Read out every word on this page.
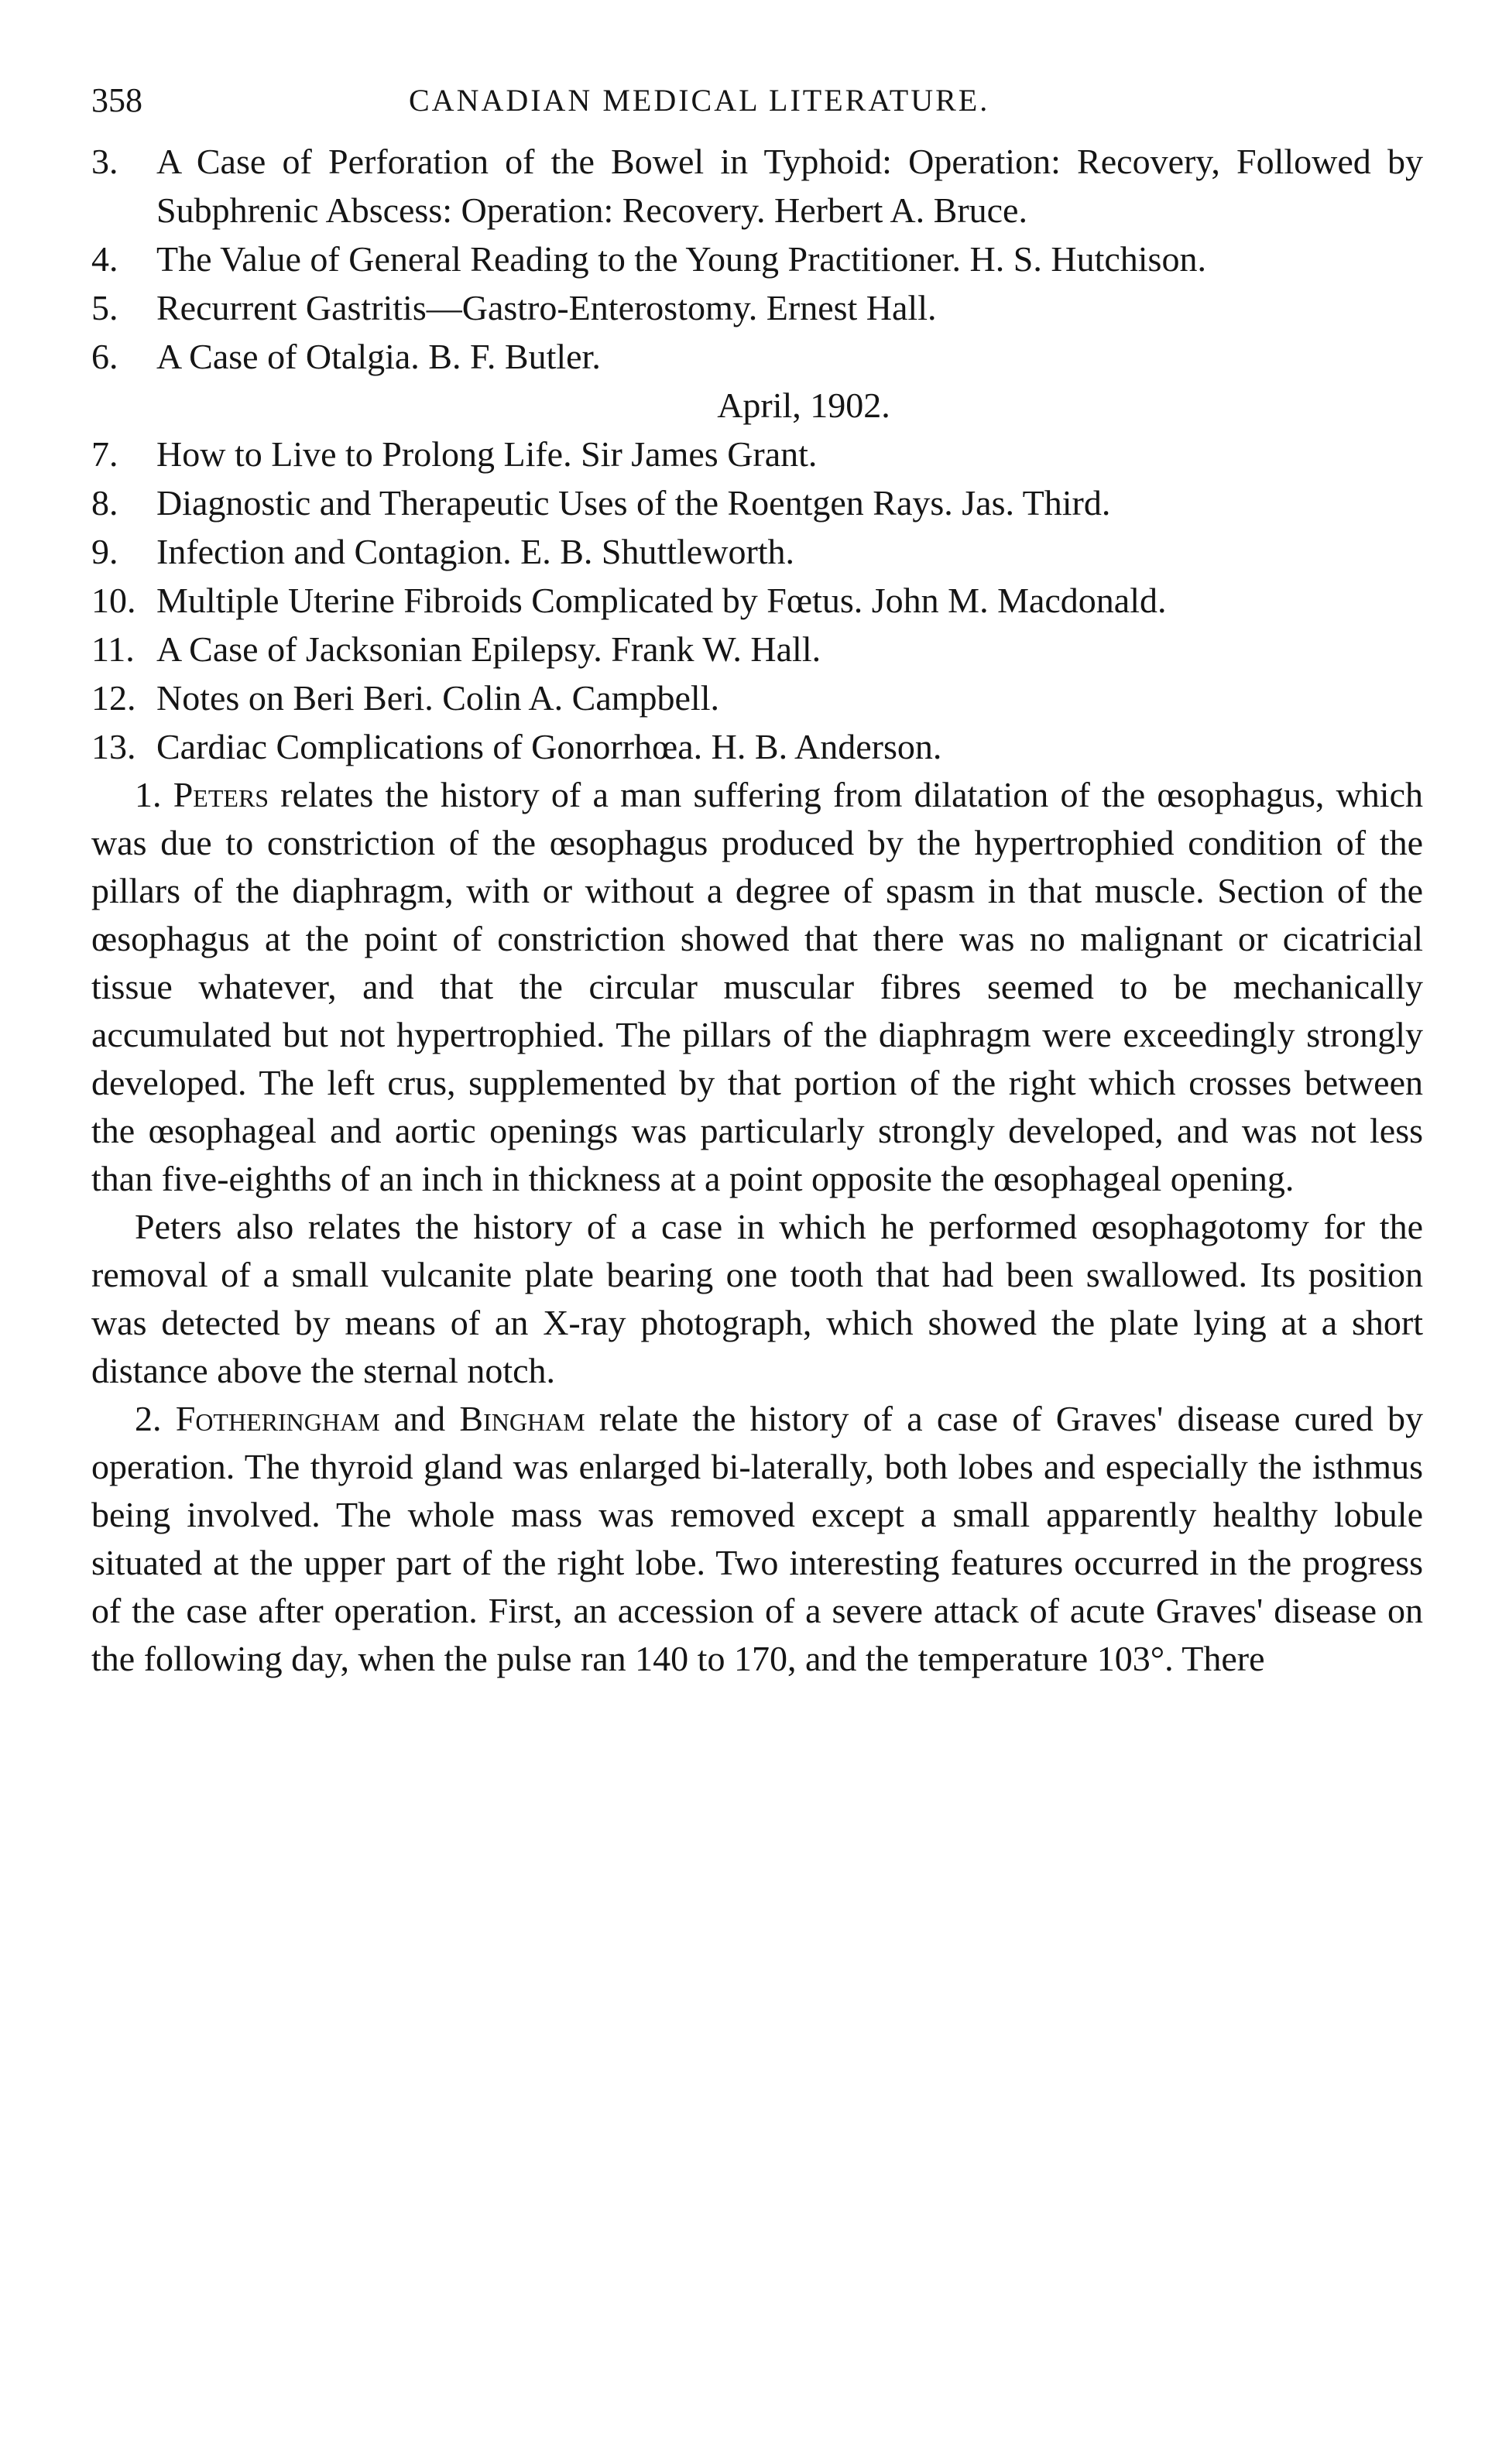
358	CANADIAN MEDICAL LITERATURE.
3. A Case of Perforation of the Bowel in Typhoid: Operation: Recovery, Followed by Subphrenic Abscess: Operation: Recovery. Herbert A. Bruce.
4. The Value of General Reading to the Young Practitioner. H. S. Hutchison.
5. Recurrent Gastritis—Gastro-Enterostomy. Ernest Hall.
6. A Case of Otalgia. B. F. Butler.
April, 1902.
7. How to Live to Prolong Life. Sir James Grant.
8. Diagnostic and Therapeutic Uses of the Roentgen Rays. Jas. Third.
9. Infection and Contagion. E. B. Shuttleworth.
10. Multiple Uterine Fibroids Complicated by Fœtus. John M. Macdonald.
11. A Case of Jacksonian Epilepsy. Frank W. Hall.
12. Notes on Beri Beri. Colin A. Campbell.
13. Cardiac Complications of Gonorrhœa. H. B. Anderson.

1. Peters relates the history of a man suffering from dilatation of the œsophagus, which was due to constriction of the œsophagus produced by the hypertrophied condition of the pillars of the diaphragm, with or without a degree of spasm in that muscle. Section of the œsophagus at the point of constriction showed that there was no malignant or cicatricial tissue whatever, and that the circular muscular fibres seemed to be mechanically accumulated but not hypertrophied. The pillars of the diaphragm were exceedingly strongly developed. The left crus, supplemented by that portion of the right which crosses between the œsophageal and aortic openings was particularly strongly developed, and was not less than five-eighths of an inch in thickness at a point opposite the œsophageal opening.

Peters also relates the history of a case in which he performed œsophagotomy for the removal of a small vulcanite plate bearing one tooth that had been swallowed. Its position was detected by means of an X-ray photograph, which showed the plate lying at a short distance above the sternal notch.

2. Fotheringham and Bingham relate the history of a case of Graves' disease cured by operation. The thyroid gland was enlarged bi-laterally, both lobes and especially the isthmus being involved. The whole mass was removed except a small apparently healthy lobule situated at the upper part of the right lobe. Two interesting features occurred in the progress of the case after operation. First, an accession of a severe attack of acute Graves' disease on the following day, when the pulse ran 140 to 170, and the temperature 103°. There
